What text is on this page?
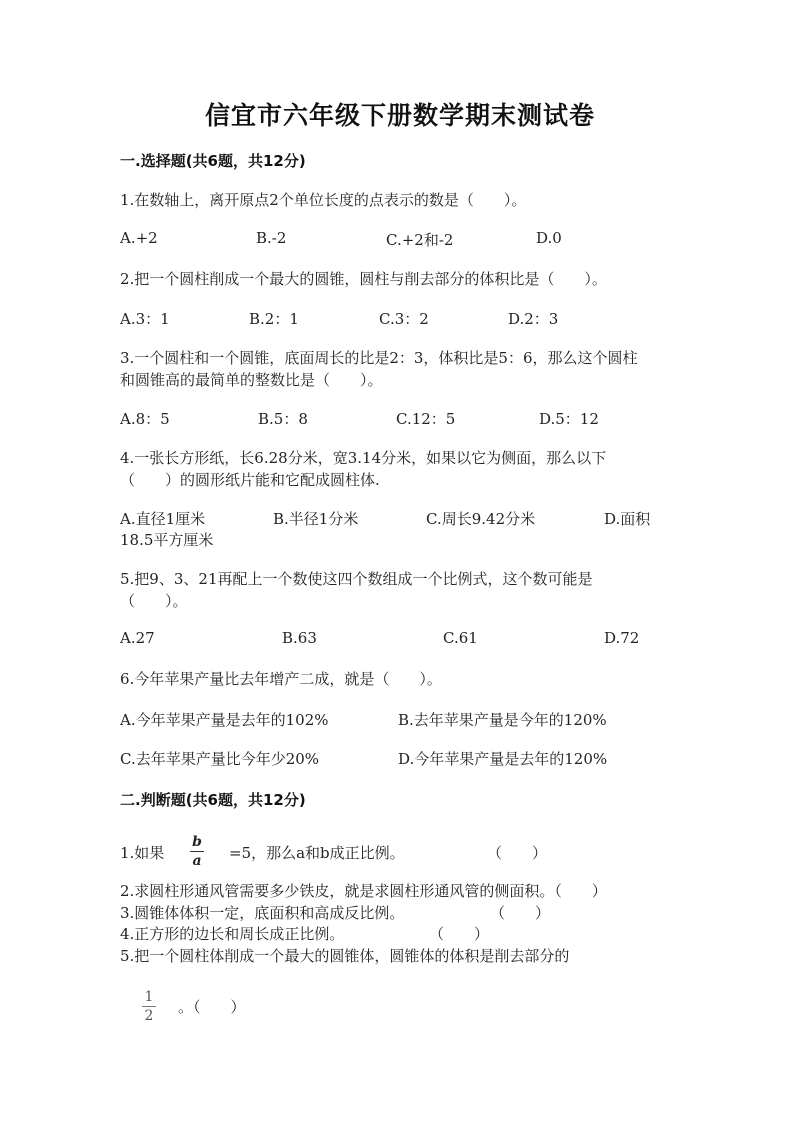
信宜市六年级下册数学期末测试卷
一.选择题(共6题，共12分)
1.在数轴上，离开原点2个单位长度的点表示的数是（　　）。
A.+2	B.-2	C.+2和-2	D.0
2.把一个圆柱削成一个最大的圆锥，圆柱与削去部分的体积比是（　　）。
A.3：1	B.2：1	C.3：2	D.2：3
3.一个圆柱和一个圆锥，底面周长的比是2：3，体积比是5：6，那么这个圆柱
和圆锥高的最简单的整数比是（　　）。
A.8：5	B.5：8	C.12：5	D.5：12
4.一张长方形纸，长6.28分米，宽3.14分米，如果以它为侧面，那么以下
（　　）的圆形纸片能和它配成圆柱体.
A.直径1厘米	B.半径1分米	C.周长9.42分米	D.面积
18.5平方厘米
5.把9、3、21再配上一个数使这四个数组成一个比例式，这个数可能是
（　　）。
A.27	B.63	C.61	D.72
6.今年苹果产量比去年增产二成，就是（　　）。
A.今年苹果产量是去年的102%	B.去年苹果产量是今年的120%
C.去年苹果产量比今年少20%	D.今年苹果产量是去年的120%
二.判断题(共6题，共12分)
1.如果
b
a =5，那么a和b成正比例。	（　　）
2.求圆柱形通风管需要多少铁皮，就是求圆柱形通风管的侧面积。（　　）
3.圆锥体体积一定，底面积和高成反比例。	（　　）
4.正方形的边长和周长成正比例。	（　　）
5.把一个圆柱体削成一个最大的圆锥体，圆锥体的体积是削去部分的
1
2 。（　　）
